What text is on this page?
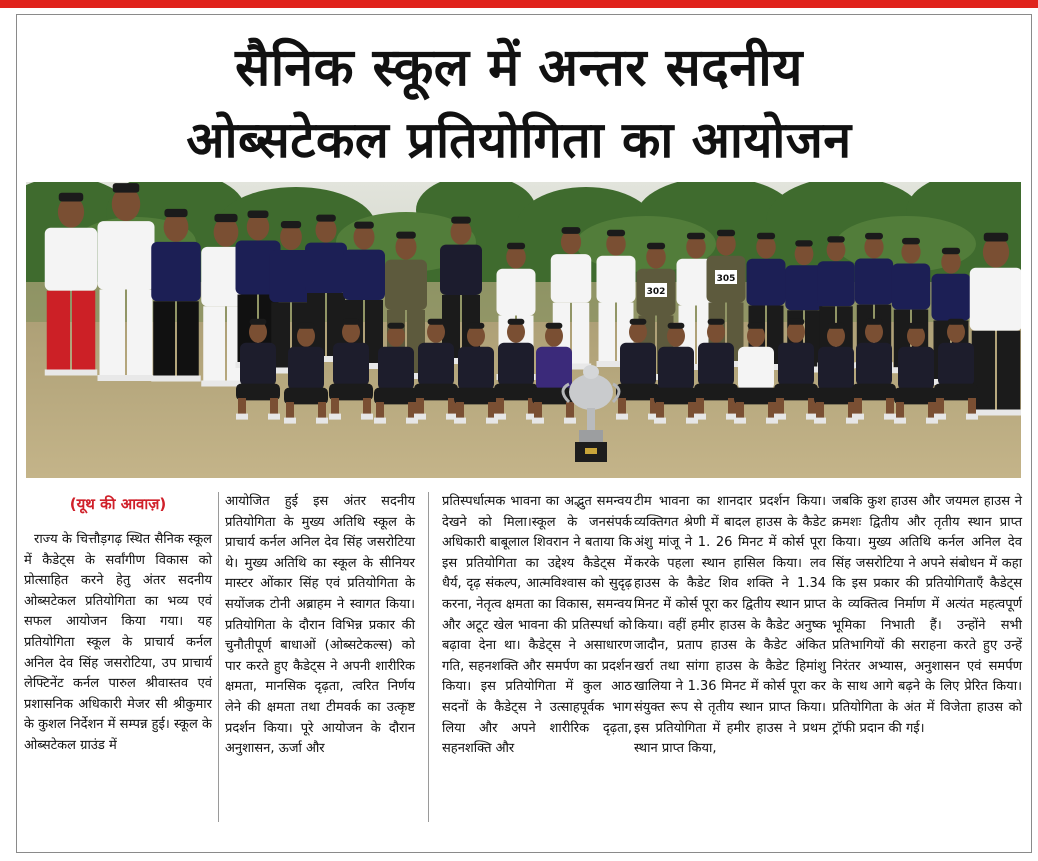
सैनिक स्कूल में अन्तर सदनीय
ओब्सटेकल प्रतियोगिता का आयोजन
302
305
(यूथ की आवाज़)

राज्य के चित्तौड़गढ़ स्थित सैनिक स्कूल में कैडेट्स के सर्वांगीण विकास को प्रोत्साहित करने हेतु अंतर सदनीय ओब्सटेकल प्रतियोगिता का भव्य एवं सफल आयोजन किया गया। यह प्रतियोगिता स्कूल के प्राचार्य कर्नल अनिल देव सिंह जसरोटिया, उप प्राचार्य लेफ्टिनेंट कर्नल पारुल श्रीवास्तव एवं प्रशासनिक अधिकारी मेजर सी श्रीकुमार के कुशल निर्देशन में सम्पन्न हुई। स्कूल के ओब्सटेकल ग्राउंड में

आयोजित हुई इस अंतर सदनीय प्रतियोगिता के मुख्य अतिथि स्कूल के प्राचार्य कर्नल अनिल देव सिंह जसरोटिया थे। मुख्य अतिथि का स्कूल के सीनियर मास्टर ओंकार सिंह एवं प्रतियोगिता के सयोंजक टोनी अब्राहम ने स्वागत किया। प्रतियोगिता के दौरान विभिन्न प्रकार की चुनौतीपूर्ण बाधाओं (ओब्सटेकल्स) को पार करते हुए कैडेट्स ने अपनी शारीरिक क्षमता, मानसिक दृढ़ता, त्वरित निर्णय लेने की क्षमता तथा टीमवर्क का उत्कृष्ट प्रदर्शन किया। पूरे आयोजन के दौरान अनुशासन, ऊर्जा और

प्रतिस्पर्धात्मक भावना का अद्भुत समन्वय देखने को मिला।स्कूल के जनसंपर्क अधिकारी बाबूलाल शिवरान ने बताया कि इस प्रतियोगिता का उद्देश्य कैडेट्स में धैर्य, दृढ़ संकल्प, आत्मविश्वास को सुदृढ़ करना, नेतृत्व क्षमता का विकास, समन्वय और अटूट खेल भावना की प्रतिस्पर्धा को बढ़ावा देना था। कैडेट्स ने असाधारण गति, सहनशक्ति और समर्पण का प्रदर्शन किया। इस प्रतियोगिता में कुल आठ सदनों के कैडेट्स ने उत्साहपूर्वक भाग लिया और अपने शारीरिक दृढ़ता, सहनशक्ति और

टीम भावना का शानदार प्रदर्शन किया। व्यक्तिगत श्रेणी में बादल हाउस के कैडेट अंशु मांजू ने 1. 26 मिनट में कोर्स पूरा करके पहला स्थान हासिल किया। लव हाउस के कैडेट शिव शक्ति ने 1.34 मिनट में कोर्स पूरा कर द्वितीय स्थान प्राप्त किया। वहीं हमीर हाउस के कैडेट अनुष्क जादौन, प्रताप हाउस के कैडेट अंकित खर्रा तथा सांगा हाउस के कैडेट हिमांशु खालिया ने 1.36 मिनट में कोर्स पूरा कर संयुक्त रूप से तृतीय स्थान प्राप्त किया।इस प्रतियोगिता में हमीर हाउस ने प्रथम स्थान प्राप्त किया,

जबकि कुश हाउस और जयमल हाउस ने क्रमशः द्वितीय और तृतीय स्थान प्राप्त किया। मुख्य अतिथि कर्नल अनिल देव सिंह जसरोटिया ने अपने संबोधन में कहा कि इस प्रकार की प्रतियोगिताएँ कैडेट्स के व्यक्तित्व निर्माण में अत्यंत महत्वपूर्ण भूमिका निभाती हैं। उन्होंने सभी प्रतिभागियों की सराहना करते हुए उन्हें निरंतर अभ्यास, अनुशासन एवं समर्पण के साथ आगे बढ़ने के लिए प्रेरित किया। प्रतियोगिता के अंत में विजेता हाउस को ट्रॉफी प्रदान की गई।
